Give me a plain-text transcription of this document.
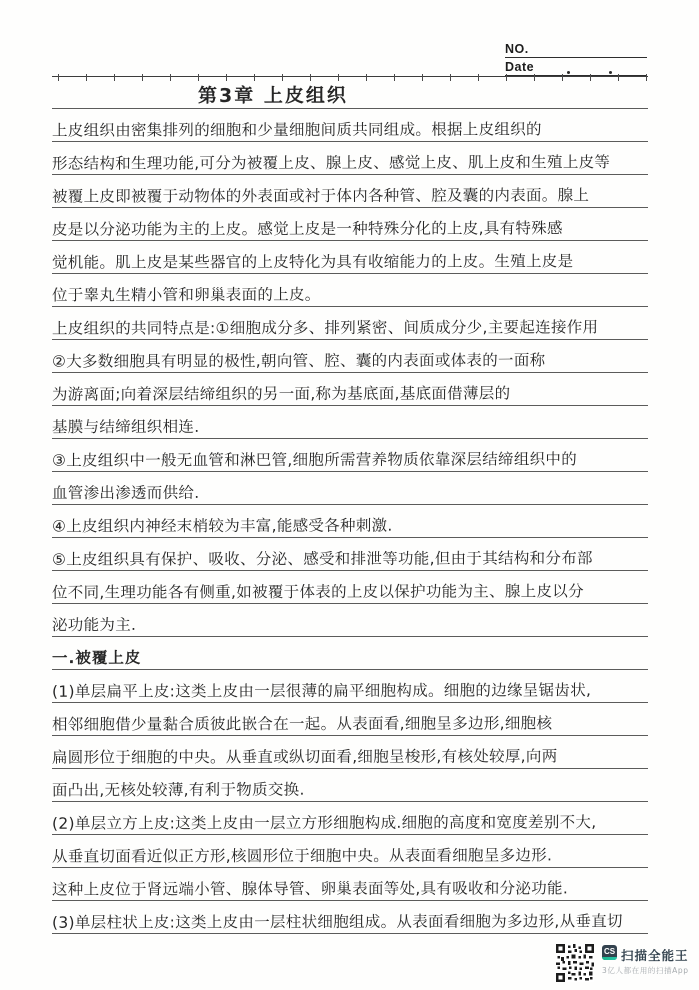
NO.
Date
第3章 上皮组织
上皮组织由密集排列的细胞和少量细胞间质共同组成。根据上皮组织的
形态结构和生理功能,可分为被覆上皮、腺上皮、感觉上皮、肌上皮和生殖上皮等
被覆上皮即被覆于动物体的外表面或衬于体内各种管、腔及囊的内表面。腺上
皮是以分泌功能为主的上皮。感觉上皮是一种特殊分化的上皮,具有特殊感
觉机能。肌上皮是某些器官的上皮特化为具有收缩能力的上皮。生殖上皮是
位于睾丸生精小管和卵巢表面的上皮。
上皮组织的共同特点是:①细胞成分多、排列紧密、间质成分少,主要起连接作用
②大多数细胞具有明显的极性,朝向管、腔、囊的内表面或体表的一面称
为游离面;向着深层结缔组织的另一面,称为基底面,基底面借薄层的
基膜与结缔组织相连.
③上皮组织中一般无血管和淋巴管,细胞所需营养物质依靠深层结缔组织中的
血管渗出渗透而供给.
④上皮组织内神经末梢较为丰富,能感受各种刺激.
⑤上皮组织具有保护、吸收、分泌、感受和排泄等功能,但由于其结构和分布部
位不同,生理功能各有侧重,如被覆于体表的上皮以保护功能为主、腺上皮以分
泌功能为主.
一.被覆上皮
(1)单层扁平上皮:这类上皮由一层很薄的扁平细胞构成。细胞的边缘呈锯齿状,
相邻细胞借少量黏合质彼此嵌合在一起。从表面看,细胞呈多边形,细胞核
扁圆形位于细胞的中央。从垂直或纵切面看,细胞呈梭形,有核处较厚,向两
面凸出,无核处较薄,有利于物质交换.
(2)单层立方上皮:这类上皮由一层立方形细胞构成.细胞的高度和宽度差别不大,
从垂直切面看近似正方形,核圆形位于细胞中央。从表面看细胞呈多边形.
这种上皮位于肾远端小管、腺体导管、卵巢表面等处,具有吸收和分泌功能.
(3)单层柱状上皮:这类上皮由一层柱状细胞组成。从表面看细胞为多边形,从垂直切
CS 扫描全能王
3亿人都在用的扫描App
